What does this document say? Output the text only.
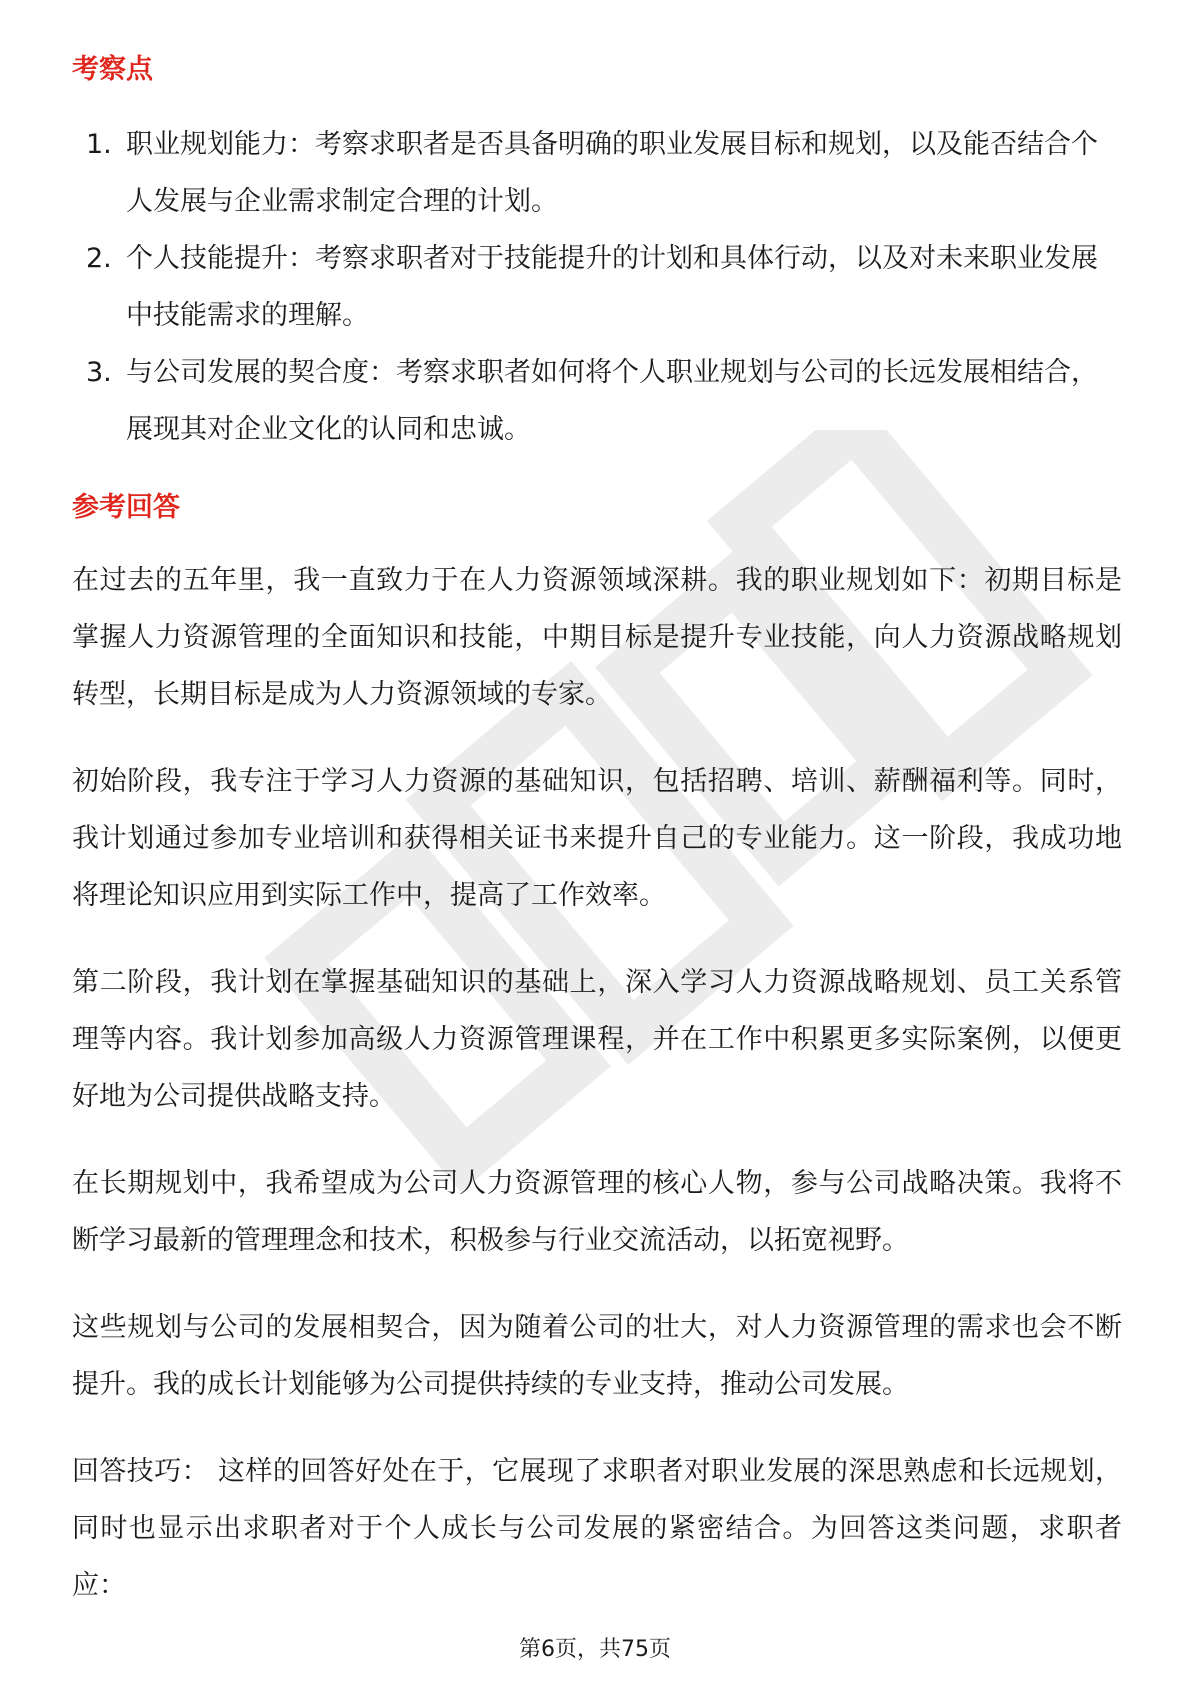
考察点
1. 职业规划能力：考察求职者是否具备明确的职业发展目标和规划，以及能否结合个人发展与企业需求制定合理的计划。
2. 个人技能提升：考察求职者对于技能提升的计划和具体行动，以及对未来职业发展中技能需求的理解。
3. 与公司发展的契合度：考察求职者如何将个人职业规划与公司的长远发展相结合，展现其对企业文化的认同和忠诚。
参考回答

在过去的五年里，我一直致力于在人力资源领域深耕。我的职业规划如下：初期目标是掌握人力资源管理的全面知识和技能，中期目标是提升专业技能，向人力资源战略规划转型，长期目标是成为人力资源领域的专家。

初始阶段，我专注于学习人力资源的基础知识，包括招聘、培训、薪酬福利等。同时，我计划通过参加专业培训和获得相关证书来提升自己的专业能力。这一阶段，我成功地将理论知识应用到实际工作中，提高了工作效率。

第二阶段，我计划在掌握基础知识的基础上，深入学习人力资源战略规划、员工关系管理等内容。我计划参加高级人力资源管理课程，并在工作中积累更多实际案例，以便更好地为公司提供战略支持。

在长期规划中，我希望成为公司人力资源管理的核心人物，参与公司战略决策。我将不断学习最新的管理理念和技术，积极参与行业交流活动，以拓宽视野。

这些规划与公司的发展相契合，因为随着公司的壮大，对人力资源管理的需求也会不断提升。我的成长计划能够为公司提供持续的专业支持，推动公司发展。

回答技巧： 这样的回答好处在于，它展现了求职者对职业发展的深思熟虑和长远规划，同时也显示出求职者对于个人成长与公司发展的紧密结合。为回答这类问题，求职者应：

第6页，共75页
